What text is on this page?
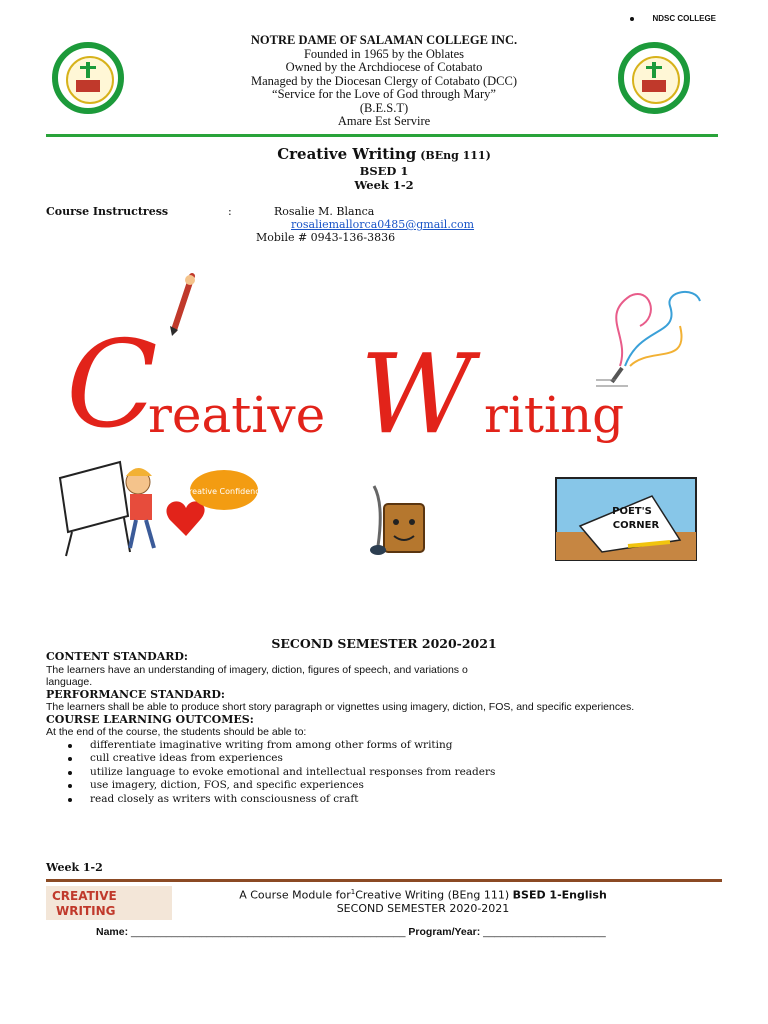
NDSC COLLEGE
NOTRE DAME OF SALAMAN COLLEGE INC.
Founded in 1965 by the Oblates
Owned by the Archdiocese of Cotabato
Managed by the Diocesan Clergy of Cotabato (DCC)
“Service for the Love of God through Mary”
(B.E.S.T)
Amare Est Servire
Creative Writing (BEng 111)
BSED 1
Week 1-2
Course Instructress	:	Rosalie M. Blanca
rosaliemallorca0485@gmail.com
Mobile # 0943-136-3836
C
reative W riting
Creative Confidence
POET'S
CORNER
SECOND SEMESTER 2020-2021
CONTENT STANDARD:
The learners have an understanding of imagery, diction, figures of speech, and variations o
language.
PERFORMANCE STANDARD:
The learners shall be able to produce short story paragraph or vignettes using imagery, diction, FOS, and specific experiences.
COURSE LEARNING OUTCOMES:
At the end of the course, the students should be able to:
differentiate imaginative writing from among other forms of writing
cull creative ideas from experiences
utilize language to evoke emotional and intellectual responses from readers
use imagery, diction, FOS, and specific experiences
read closely as writers with consciousness of craft
Week 1-2
CREATIVE
WRITING
A Course Module for$^1$Creative Writing (BEng 111) BSED 1-English
SECOND SEMESTER 2020-2021
Name: _______________________________________________ Program/Year: _____________________
